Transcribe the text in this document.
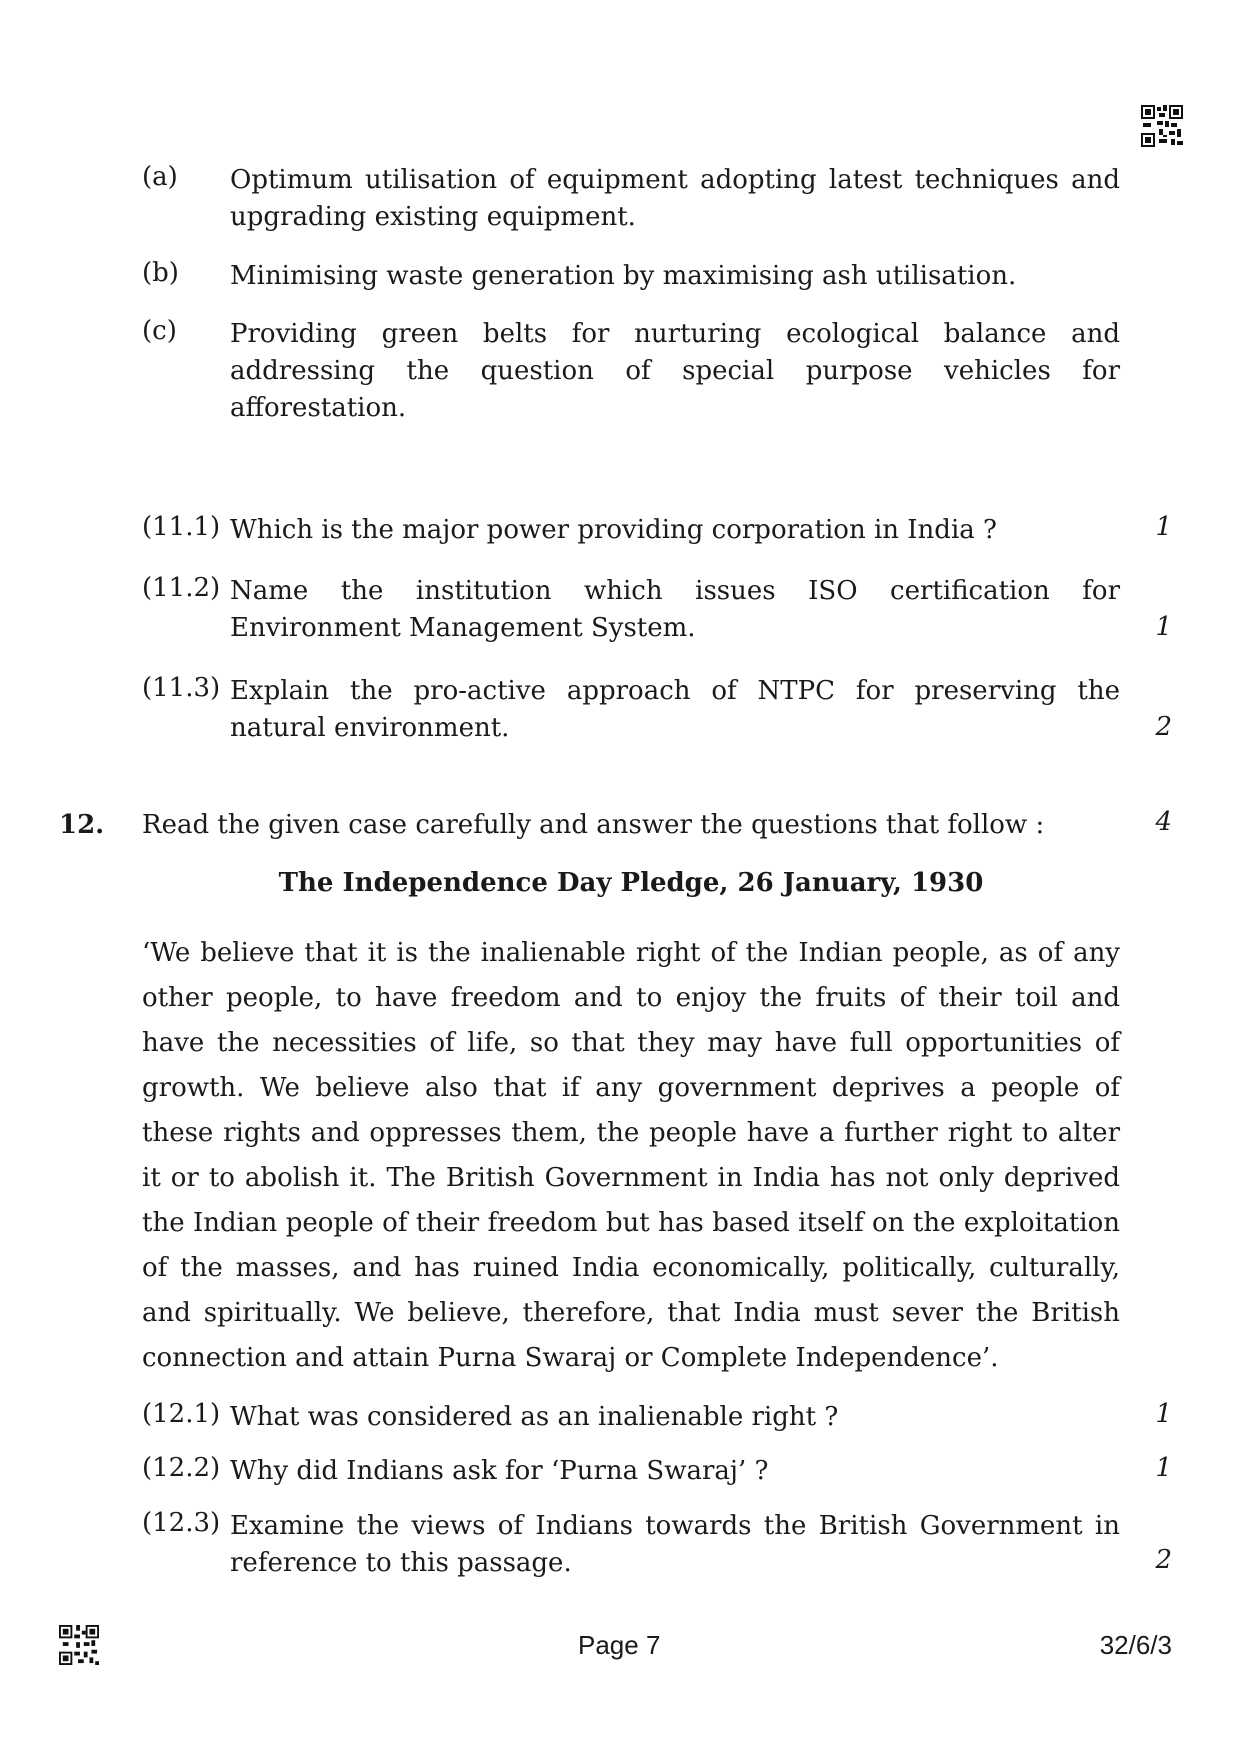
(a) Optimum utilisation of equipment adopting latest techniques and upgrading existing equipment.
(b) Minimising waste generation by maximising ash utilisation.
(c) Providing green belts for nurturing ecological balance and addressing the question of special purpose vehicles for afforestation.
(11.1) Which is the major power providing corporation in India ?	1
(11.2) Name the institution which issues ISO certification for Environment Management System.	1
(11.3) Explain the pro-active approach of NTPC for preserving the natural environment.	2
12. Read the given case carefully and answer the questions that follow :	4
The Independence Day Pledge, 26 January, 1930
‘We believe that it is the inalienable right of the Indian people, as of any other people, to have freedom and to enjoy the fruits of their toil and have the necessities of life, so that they may have full opportunities of growth. We believe also that if any government deprives a people of these rights and oppresses them, the people have a further right to alter it or to abolish it. The British Government in India has not only deprived the Indian people of their freedom but has based itself on the exploitation of the masses, and has ruined India economically, politically, culturally, and spiritually. We believe, therefore, that India must sever the British connection and attain Purna Swaraj or Complete Independence’.
(12.1) What was considered as an inalienable right ?	1
(12.2) Why did Indians ask for ‘Purna Swaraj’ ?	1
(12.3) Examine the views of Indians towards the British Government in reference to this passage.	2
Page 7	32/6/3
